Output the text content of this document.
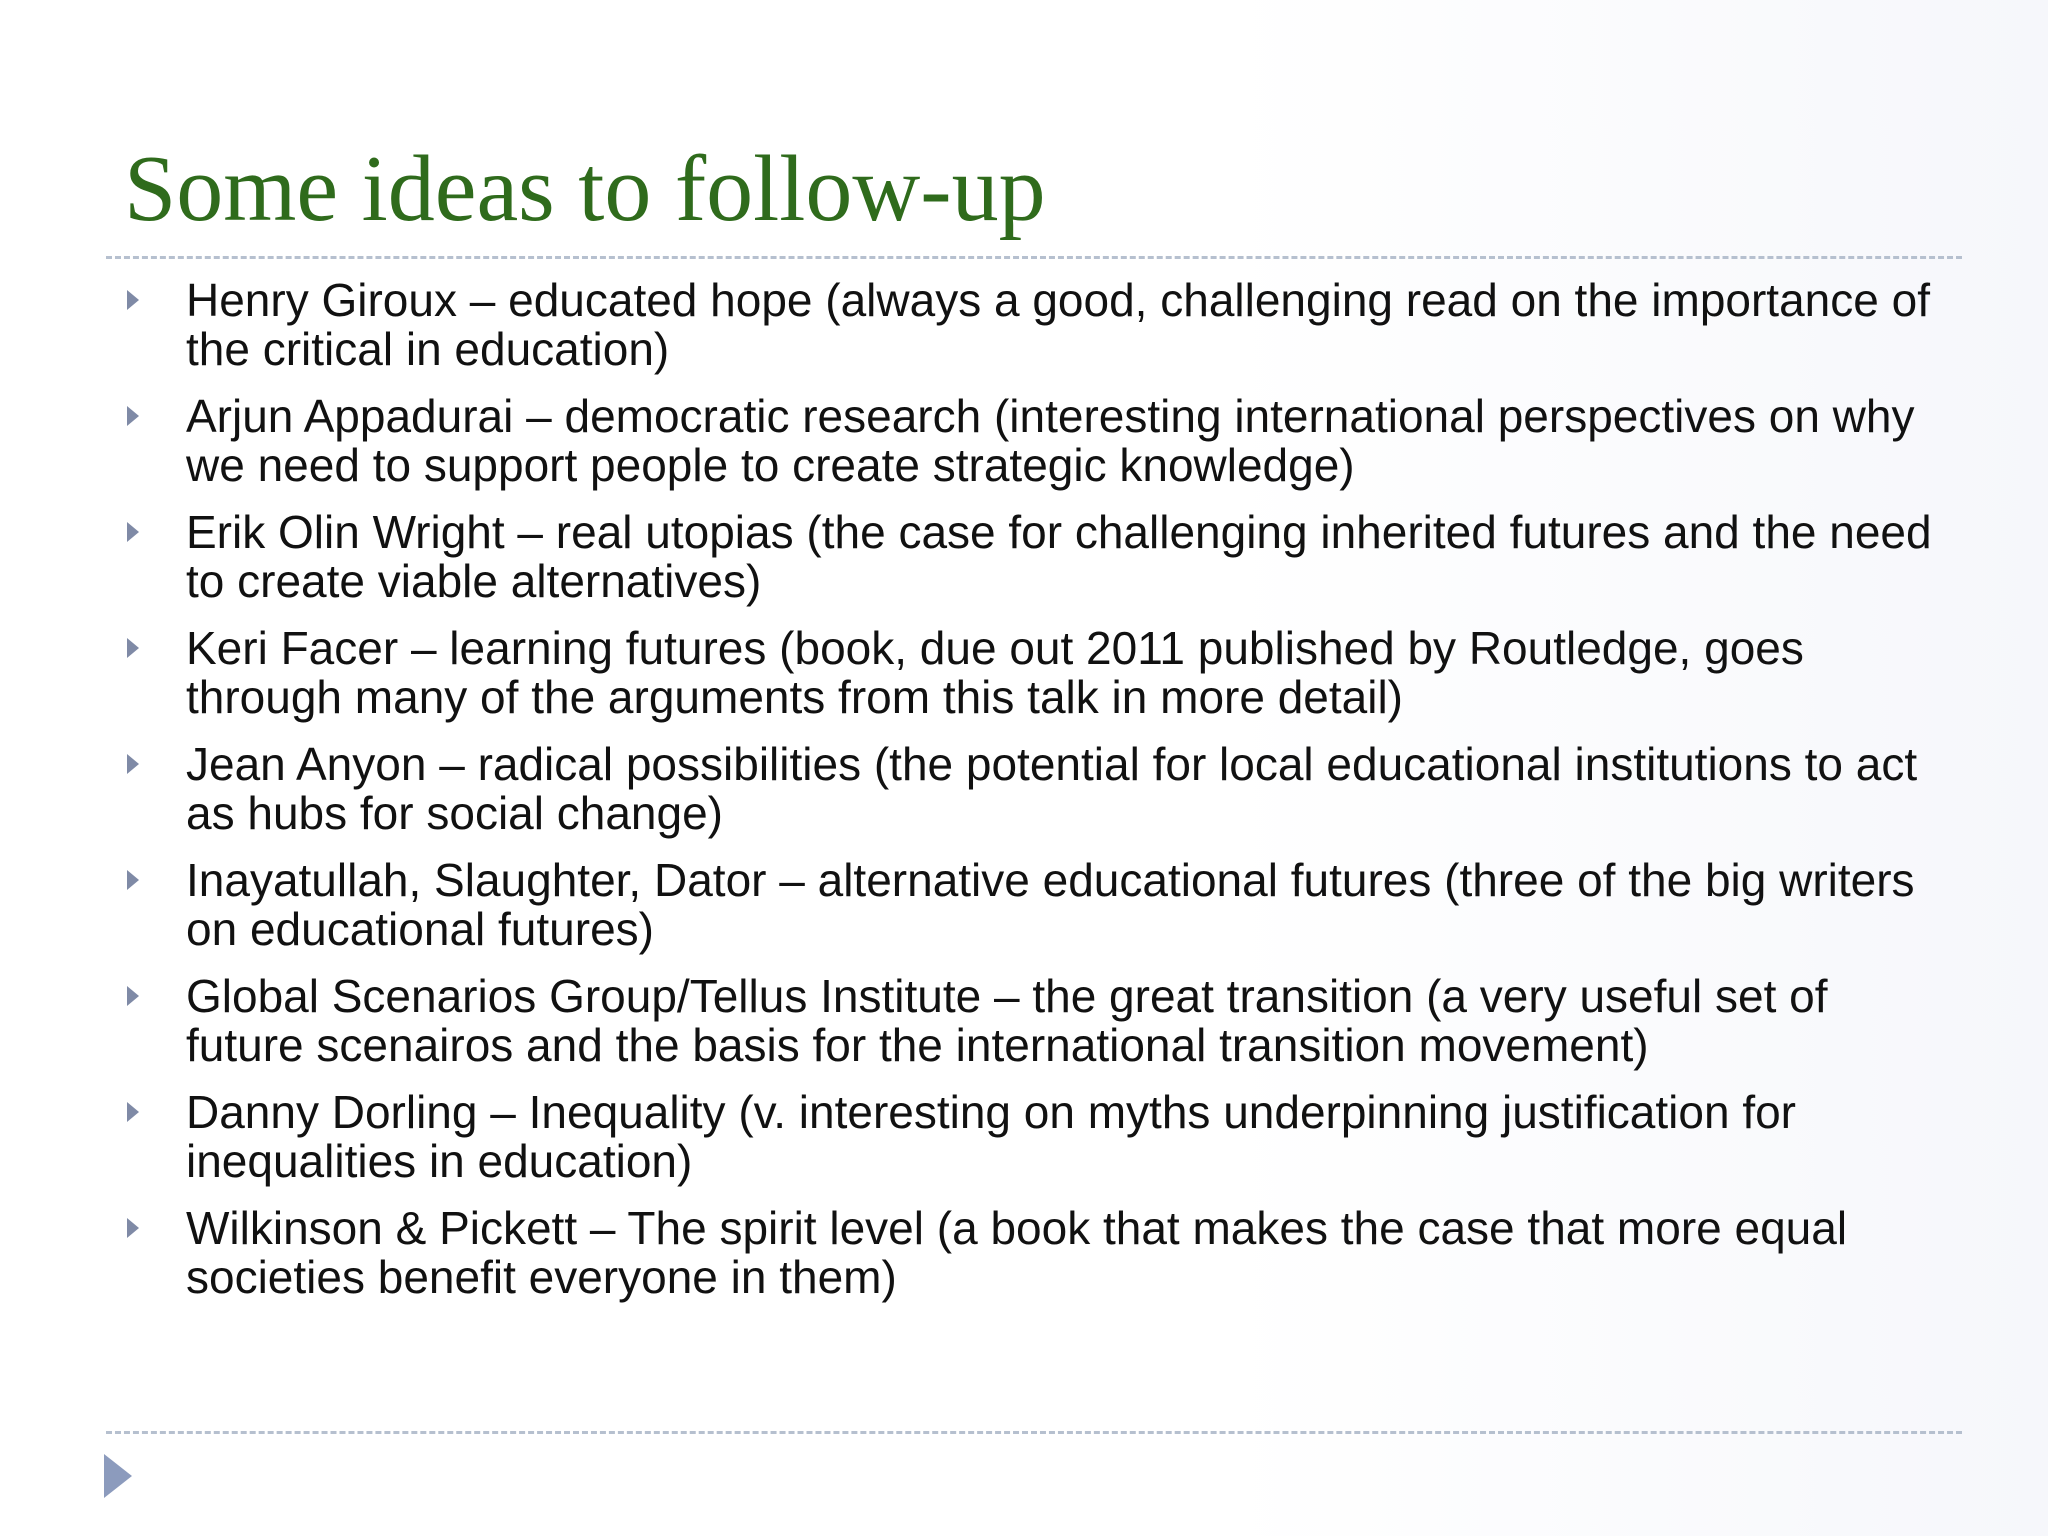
Some ideas to follow-up
Henry Giroux – educated hope (always a good, challenging read on the importance of the critical in education)
Arjun Appadurai – democratic research (interesting international perspectives on why we need to support people to create strategic knowledge)
Erik Olin Wright – real utopias (the case for challenging inherited futures and the need to create viable alternatives)
Keri Facer – learning futures (book, due out 2011 published by Routledge, goes through many of the arguments from this talk in more detail)
Jean Anyon – radical possibilities (the potential for local educational institutions to act as hubs for social change)
Inayatullah, Slaughter, Dator – alternative educational futures (three of the big writers on educational futures)
Global Scenarios Group/Tellus Institute – the great transition (a very useful set of future scenairos and the basis for the international transition movement)
Danny Dorling – Inequality (v. interesting on myths underpinning justification for inequalities in education)
Wilkinson & Pickett – The spirit level (a book that makes the case that more equal societies benefit everyone in them)
